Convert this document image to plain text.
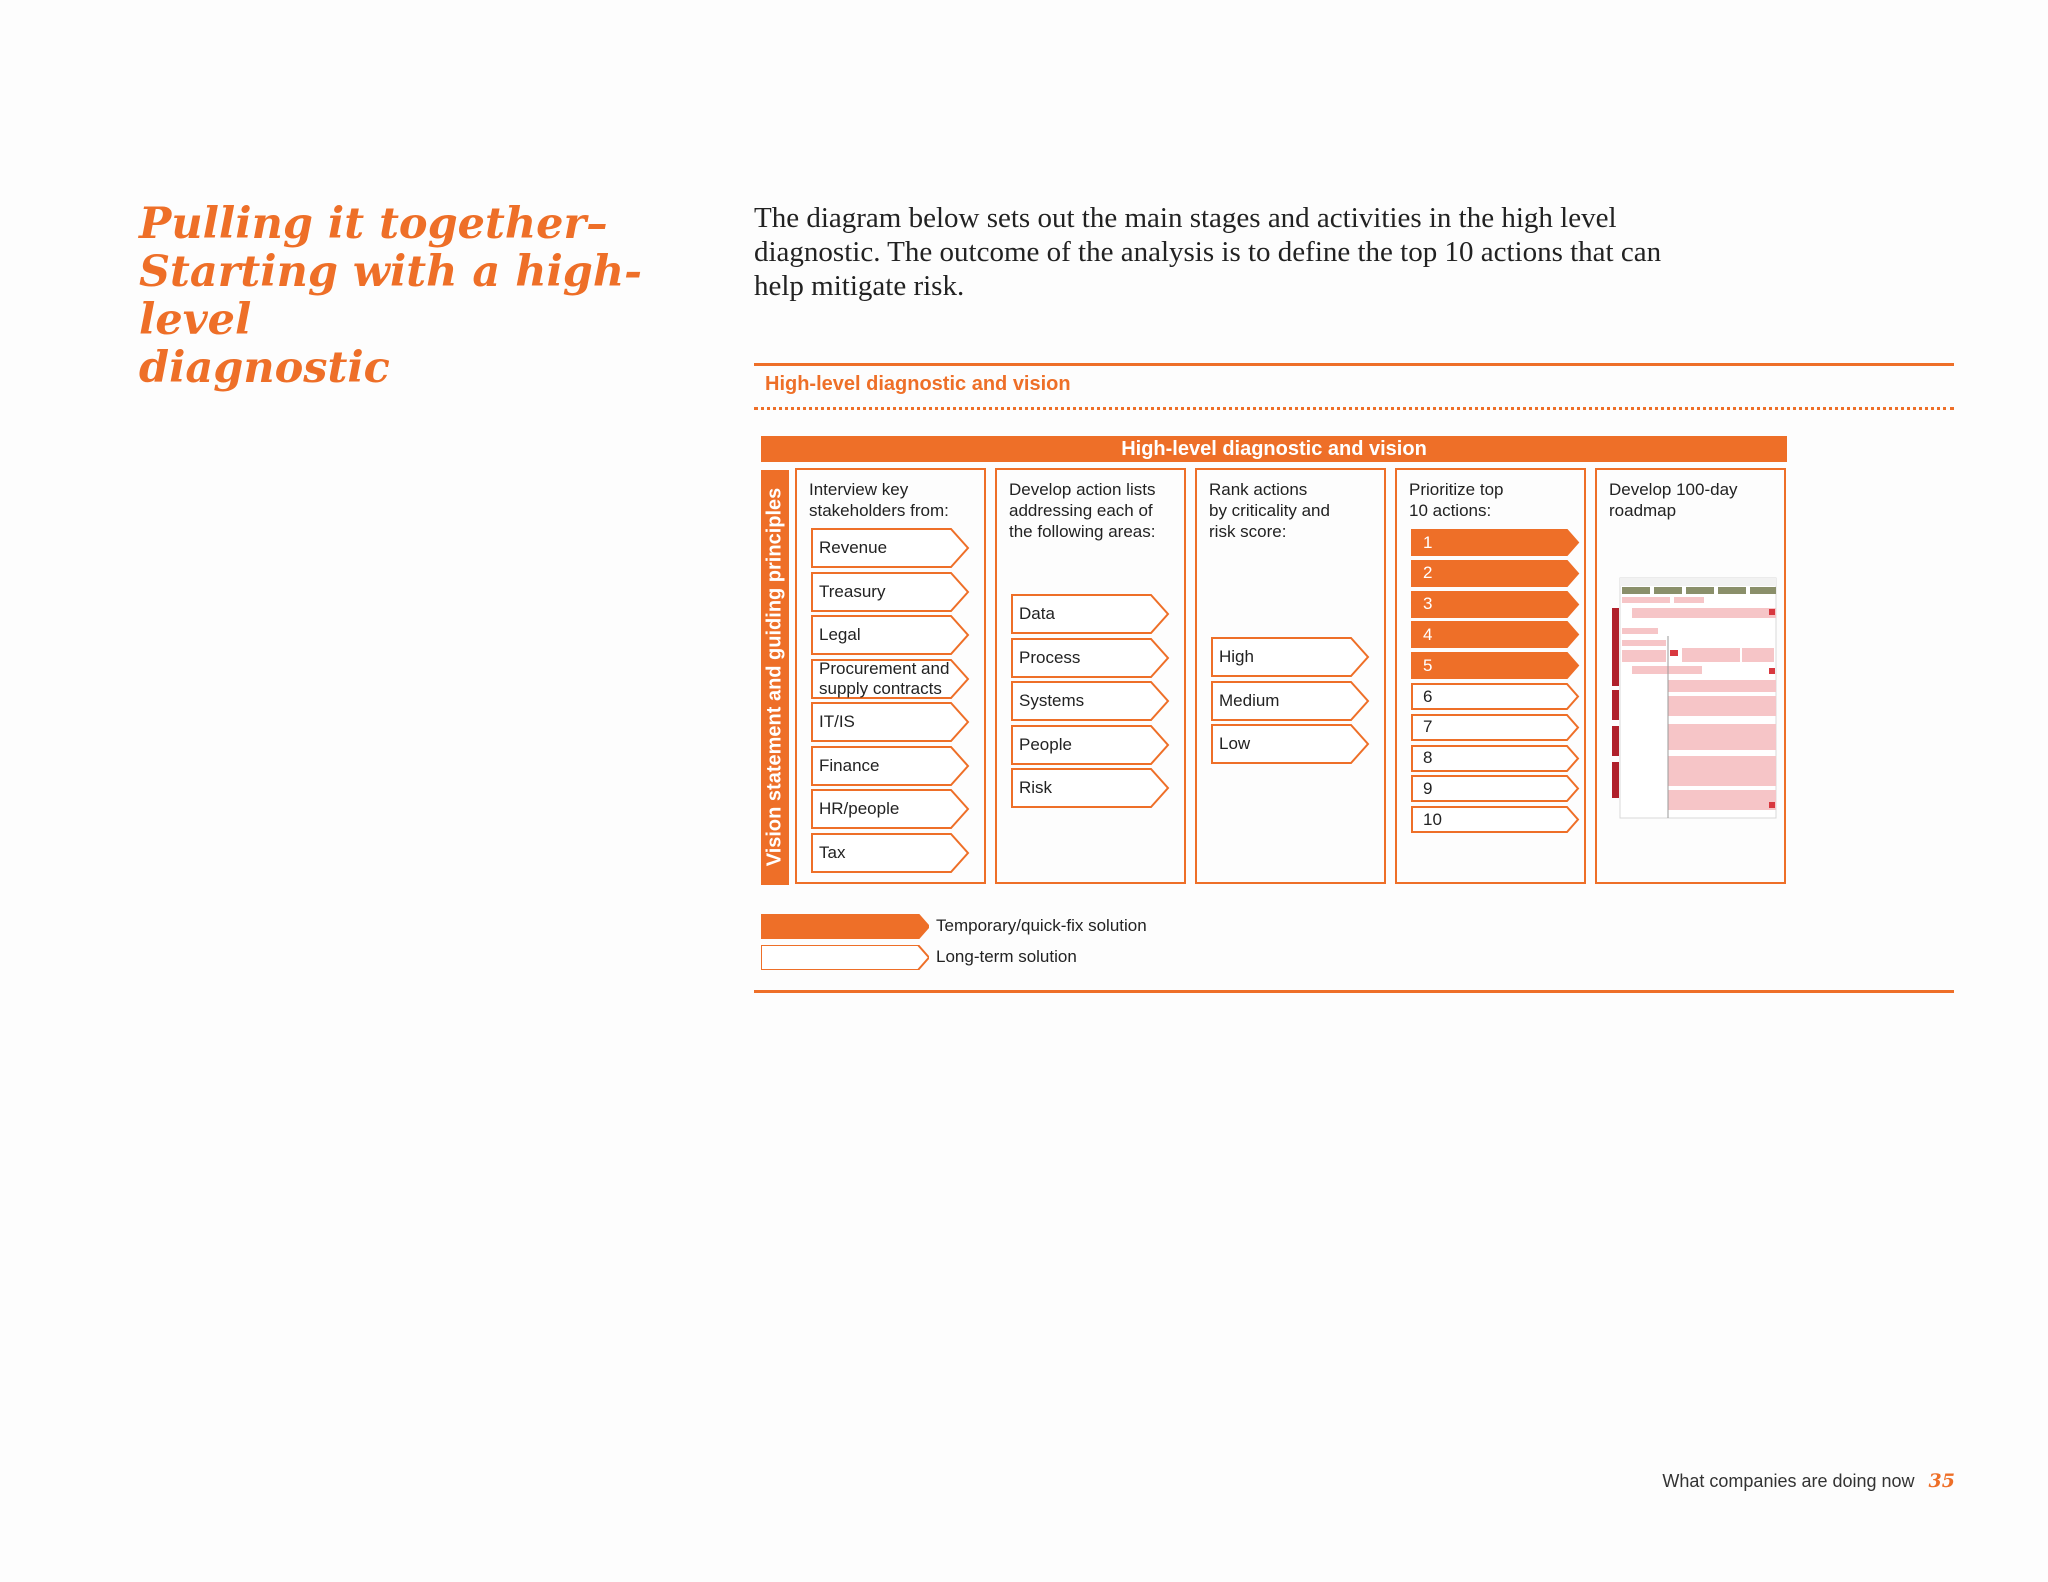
Pulling it together–
Starting with a high-level
diagnostic

The diagram below sets out the main stages and activities in the high level diagnostic. The outcome of the analysis is to define the top 10 actions that can help mitigate risk.

High-level diagnostic and vision

High-level diagnostic and vision
Vision statement and guiding principles Interview key
stakeholders from:

Develop action lists
addressing each of
the following areas:

Rank actions
by criticality and
risk score:

Prioritize top
10 actions:

Develop 100-day
roadmap

Revenue
Treasury
Legal
Procurement and supply contracts
IT/IS
Finance
HR/people
Tax
Data
Process
Systems
People
Risk
High
Medium
Low
1
2
3
4
5
6
7
8
9
10
Temporary/quick-fix solution
Long-term solution
What companies are doing now 35
